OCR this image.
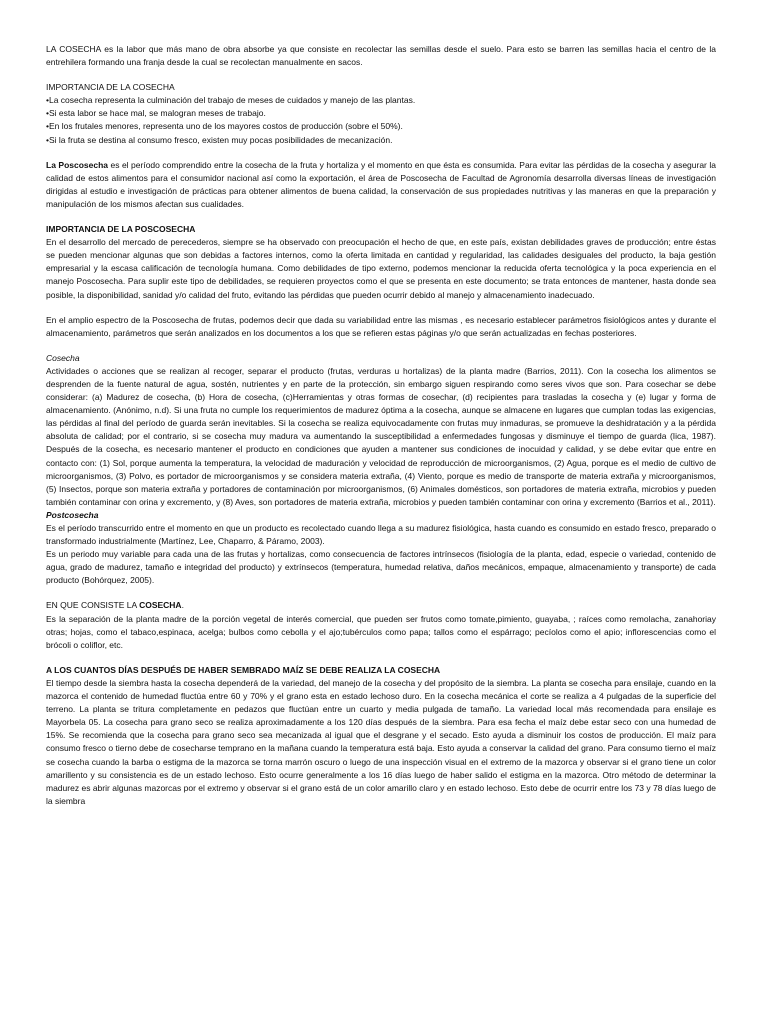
LA COSECHA es la labor que más mano de obra absorbe ya que consiste en recolectar las semillas desde el suelo. Para esto se barren las semillas hacia el centro de la entrehilera formando una franja desde la cual se recolectan manualmente en sacos.

IMPORTANCIA DE LA COSECHA

• La cosecha representa la culminación del trabajo de meses de cuidados y manejo de las plantas.
• Si esta labor se hace mal, se malogran meses de trabajo.
• En los frutales menores, representa uno de los mayores costos de producción (sobre el 50%).
• Si la fruta se destina al consumo fresco, existen muy pocas posibilidades de mecanización.

La Poscosecha es el período comprendido entre la cosecha de la fruta y hortaliza y el momento en que ésta es consumida. Para evitar las pérdidas de la cosecha y asegurar la calidad de estos alimentos para el consumidor nacional así como la exportación, el área de Poscosecha de Facultad de Agronomía desarrolla diversas líneas de investigación dirigidas al estudio e investigación de prácticas para obtener alimentos de buena calidad, la conservación de sus propiedades nutritivas y las maneras en que la preparación y manipulación de los mismos afectan sus cualidades.

IMPORTANCIA DE LA POSCOSECHA

En el desarrollo del mercado de perecederos, siempre se ha observado con preocupación el hecho de que, en este país, existan debilidades graves de producción; entre éstas se pueden mencionar algunas que son debidas a factores internos, como la oferta limitada en cantidad y regularidad, las calidades desiguales del producto, la baja gestión empresarial y la escasa calificación de tecnología humana. Como debilidades de tipo externo, podemos mencionar la reducida oferta tecnológica y la poca experiencia en el manejo Poscosecha. Para suplir este tipo de debilidades, se requieren proyectos como el que se presenta en este documento; se trata entonces de mantener, hasta donde sea posible, la disponibilidad, sanidad y/o calidad del fruto, evitando las pérdidas que pueden ocurrir debido al manejo y almacenamiento inadecuado.

En el amplio espectro de la Poscosecha de frutas, podemos decir que dada su variabilidad entre las mismas , es necesario establecer parámetros fisiológicos antes y durante el almacenamiento, parámetros que serán analizados en los documentos a los que se refieren estas páginas y/o que serán actualizadas en fechas posteriores.

Cosecha

Actividades o acciones que se realizan al recoger, separar el producto (frutas, verduras u hortalizas) de la planta madre (Barrios, 2011). Con la cosecha los alimentos se desprenden de la fuente natural de agua, sostén, nutrientes y en parte de la protección, sin embargo siguen respirando como seres vivos que son. Para cosechar se debe considerar: (a) Madurez de cosecha, (b) Hora de cosecha, (c)Herramientas y otras formas de cosechar, (d) recipientes para trasladas la cosecha y (e) lugar y forma de almacenamiento. (Anónimo, n.d). Si una fruta no cumple los requerimientos de madurez óptima a la cosecha, aunque se almacene en lugares que cumplan todas las exigencias, las pérdidas al final del período de guarda serán inevitables. Si la cosecha se realiza equivocadamente con frutas muy inmaduras, se promueve la deshidratación y a la pérdida absoluta de calidad; por el contrario, si se cosecha muy madura va aumentando la susceptibilidad a enfermedades fungosas y disminuye el tiempo de guarda (Iica, 1987). Después de la cosecha, es necesario mantener el producto en condiciones que ayuden a mantener sus condiciones de inocuidad y calidad, y se debe evitar que entre en contacto con: (1) Sol, porque aumenta la temperatura, la velocidad de maduración y velocidad de reproducción de microorganismos, (2) Agua, porque es el medio de cultivo de microorganismos, (3) Polvo, es portador de microorganismos y se considera materia extraña, (4) Viento, porque es medio de transporte de materia extraña y microorganismos, (5) Insectos, porque son materia extraña y portadores de contaminación por microorganismos, (6) Animales domésticos, son portadores de materia extraña, microbios y pueden también contaminar con orina y excremento, y (8) Aves, son portadores de materia extraña, microbios y pueden también contaminar con orina y excremento (Barrios et al., 2011).

Postcosecha

Es el período transcurrido entre el momento en que un producto es recolectado cuando llega a su madurez fisiológica, hasta cuando es consumido en estado fresco, preparado o transformado industrialmente (Martínez, Lee, Chaparro, & Páramo, 2003).

Es un periodo muy variable para cada una de las frutas y hortalizas, como consecuencia de factores intrínsecos (fisiología de la planta, edad, especie o variedad, contenido de agua, grado de madurez, tamaño e integridad del producto) y extrínsecos (temperatura, humedad relativa, daños mecánicos, empaque, almacenamiento y transporte) de cada producto (Bohórquez, 2005).

EN QUE CONSISTE LA COSECHA.

Es la separación de la planta madre de la porción vegetal de interés comercial, que pueden ser frutos como tomate,pimiento, guayaba, ; raíces como remolacha, zanahoriay otras; hojas, como el tabaco,espinaca, acelga; bulbos como cebolla y el ajo;tubérculos como papa; tallos como el espárrago; pecíolos como el apio; inflorescencias como el brócoli o coliflor, etc.

A LOS CUANTOS DÍAS DESPUÉS DE HABER SEMBRADO MAÍZ SE DEBE REALIZA LA COSECHA

El tiempo desde la siembra hasta la cosecha dependerá de la variedad, del manejo de la cosecha y del propósito de la siembra. La planta se cosecha para ensilaje, cuando en la mazorca el contenido de humedad fluctúa entre 60 y 70% y el grano esta en estado lechoso duro. En la cosecha mecánica el corte se realiza a 4 pulgadas de la superficie del terreno. La planta se tritura completamente en pedazos que fluctúan entre un cuarto y media pulgada de tamaño. La variedad local más recomendada para ensilaje es Mayorbela 05. La cosecha para grano seco se realiza aproximadamente a los 120 días después de la siembra. Para esa fecha el maíz debe estar seco con una humedad de 15%. Se recomienda que la cosecha para grano seco sea mecanizada al igual que el desgrane y el secado. Esto ayuda a disminuir los costos de producción. El maíz para consumo fresco o tierno debe de cosecharse temprano en la mañana cuando la temperatura está baja. Esto ayuda a conservar la calidad del grano. Para consumo tierno el maíz se cosecha cuando la barba o estigma de la mazorca se torna marrón oscuro o luego de una inspección visual en el extremo de la mazorca y observar si el grano tiene un color amarillento y su consistencia es de un estado lechoso. Esto ocurre generalmente a los 16 días luego de haber salido el estigma en la mazorca. Otro método de determinar la madurez es abrir algunas mazorcas por el extremo y observar si el grano está de un color amarillo claro y en estado lechoso. Esto debe de ocurrir entre los 73 y 78 días luego de la siembra
